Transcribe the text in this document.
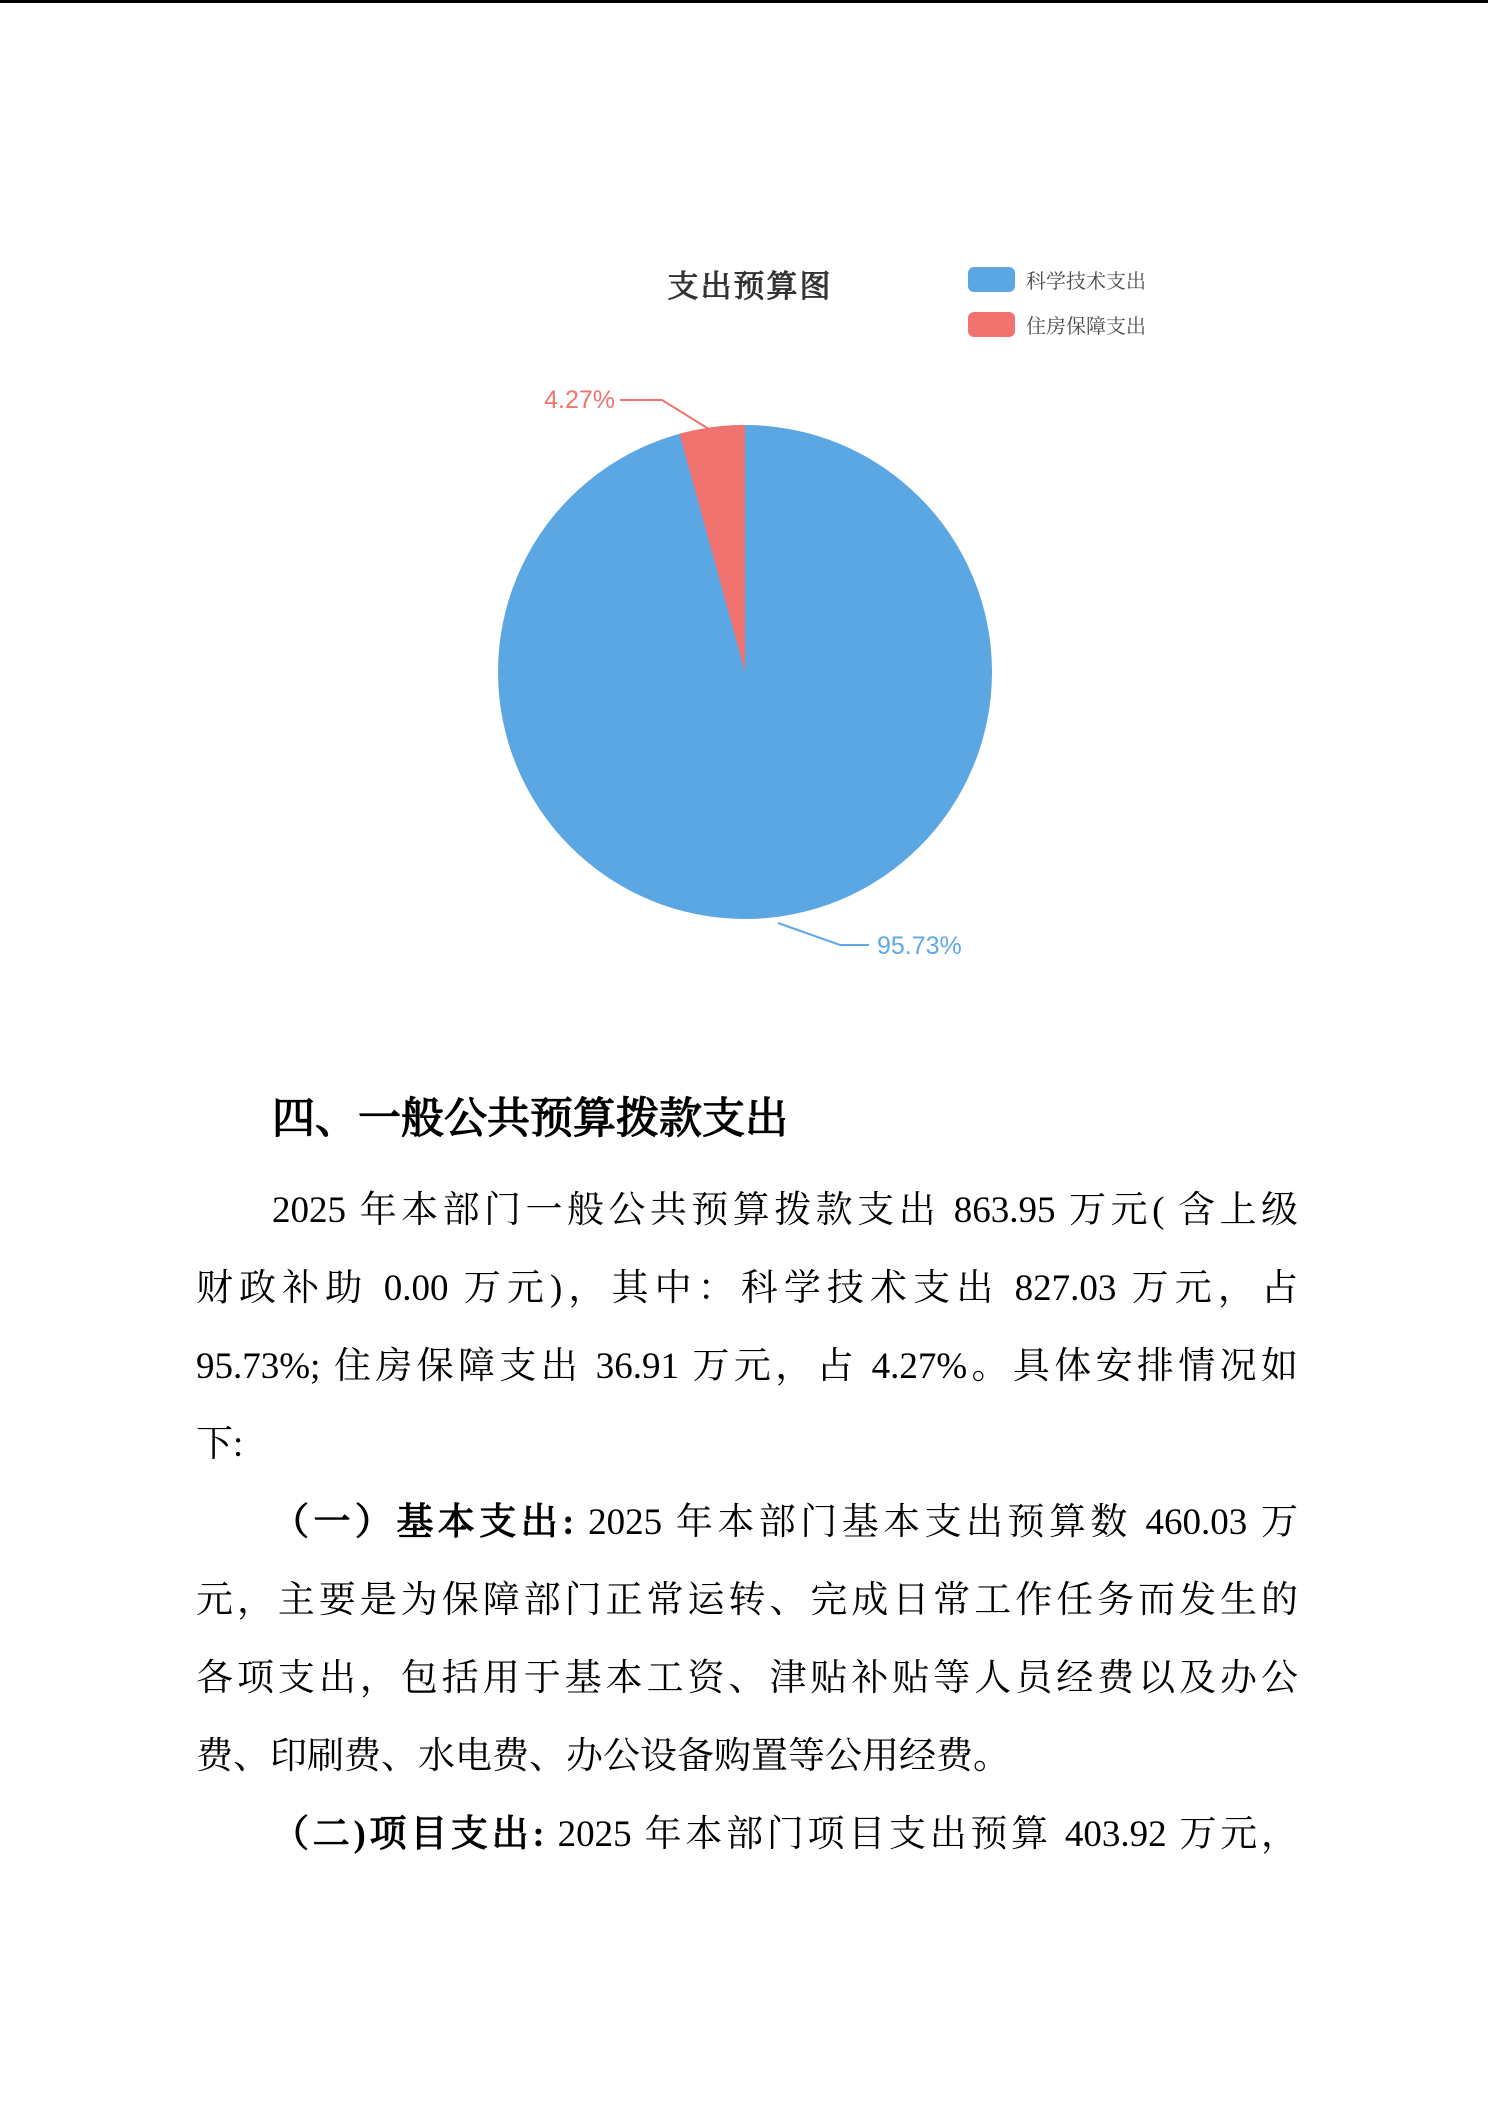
支出预算图	科学技术支出
住房保障支出
4.27%
95.73%
四、一般公共预算拨款支出
2025 年本部门一般公共预算拨款支出 863.95 万元( 含上级
财政补助 0.00 万元)，其中：科学技术支出 827.03 万元，占
95.73%; 住房保障支出 36.91 万元，占 4.27%。具体安排情况如
下:
（一）基本支出: 2025 年本部门基本支出预算数 460.03 万
元，主要是为保障部门正常运转、完成日常工作任务而发生的
各项支出，包括用于基本工资、津贴补贴等人员经费以及办公
费、印刷费、水电费、办公设备购置等公用经费。
（二)项目支出: 2025 年本部门项目支出预算 403.92 万元，
